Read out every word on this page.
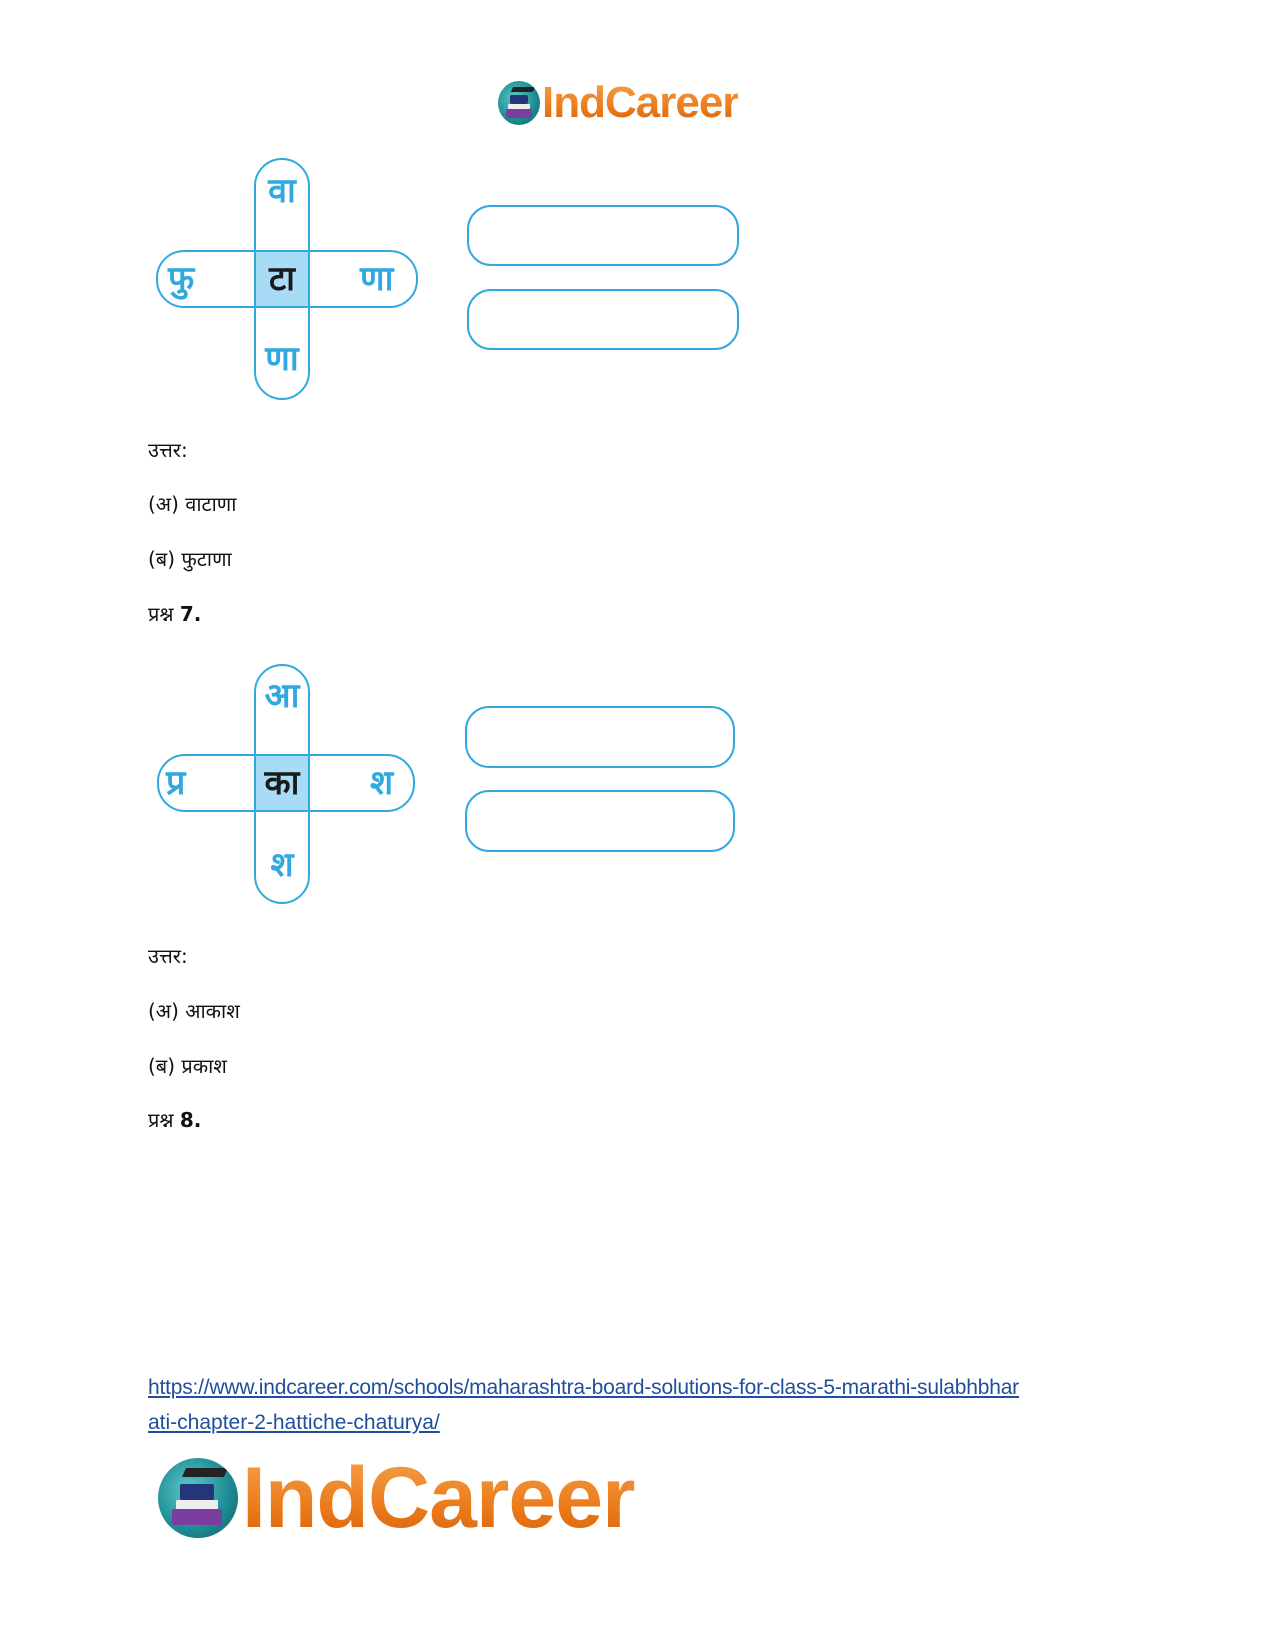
IndCareer
टा
वा
फु	णा
णा
उत्तर:
(अ) वाटाणा
(ब) फुटाणा
प्रश्न 7.
का
आ
प्र	श
श
उत्तर:
(अ) आकाश
(ब) प्रकाश
प्रश्न 8.
https://www.indcareer.com/schools/maharashtra-board-solutions-for-class-5-marathi-sulabhbhar
ati-chapter-2-hattiche-chaturya/
IndCareer
